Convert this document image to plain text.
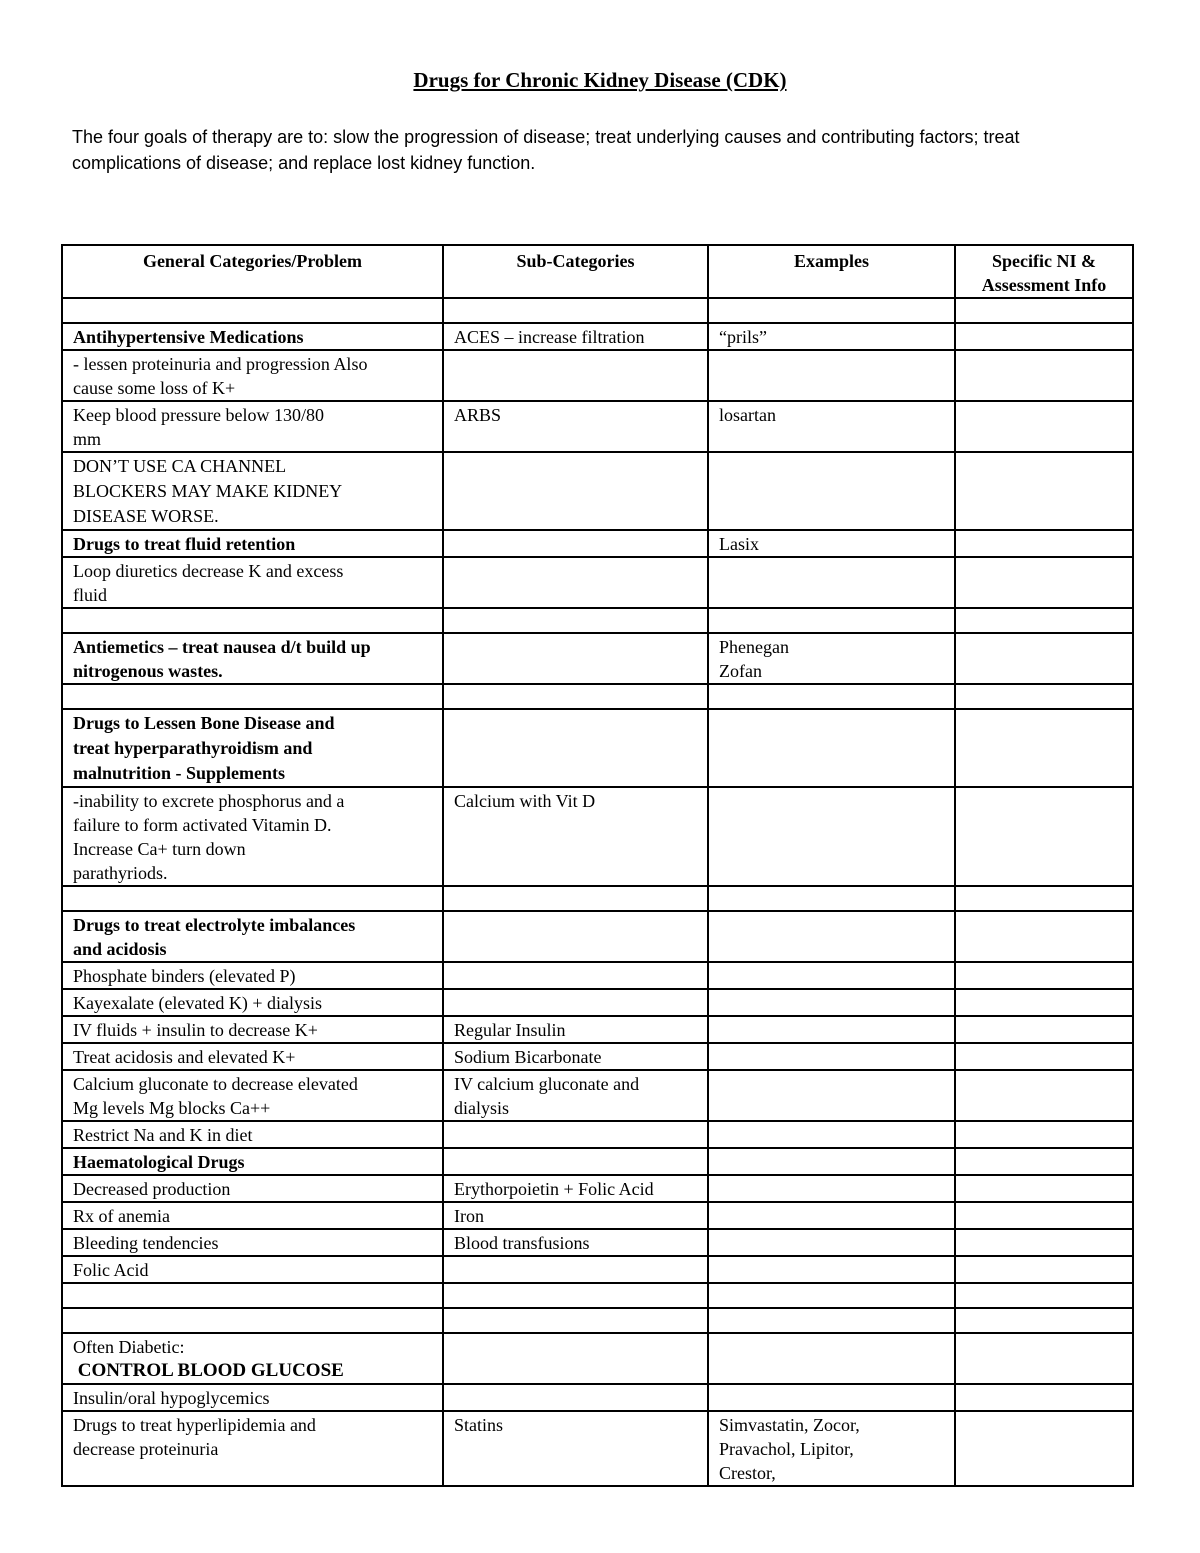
Drugs for Chronic Kidney Disease (CDK)
The four goals of therapy are to: slow the progression of disease; treat underlying causes and contributing factors; treat
complications of disease; and replace lost kidney function.
General Categories/Problem	Sub-Categories	Examples	Specific NI &
Assessment Info

Antihypertensive Medications	ACES – increase filtration	“prils”	

- lessen proteinuria and progression Also
cause some loss of K+			

Keep blood pressure below 130/80
mm	ARBS	losartan	

DON’T USE CA CHANNEL
BLOCKERS MAY MAKE KIDNEY
DISEASE WORSE.			

Drugs to treat fluid retention		Lasix	

Loop diuretics decrease K and excess
fluid			

Antiemetics – treat nausea d/t build up
nitrogenous wastes.		Phenegan
Zofan	

Drugs to Lessen Bone Disease and
treat hyperparathyroidism and
malnutrition - Supplements			

-inability to excrete phosphorus and a
failure to form activated Vitamin D.
Increase Ca+ turn down
parathyriods.	Calcium with Vit D		

Drugs to treat electrolyte imbalances
and acidosis			

Phosphate binders (elevated P)			
Kayexalate (elevated K) + dialysis			
IV fluids + insulin to decrease K+	Regular Insulin		
Treat acidosis and elevated K+	Sodium Bicarbonate		

Calcium gluconate to decrease elevated
Mg levels Mg blocks Ca++	IV calcium gluconate and
dialysis		

Restrict Na and K in diet			
Haematological Drugs			
Decreased production	Erythorpoietin + Folic Acid		
Rx of anemia	Iron		
Bleeding tendencies	Blood transfusions		
Folic Acid			

Often Diabetic:
CONTROL BLOOD GLUCOSE			

Insulin/oral hypoglycemics			

Drugs to treat hyperlipidemia and
decrease proteinuria	Statins	Simvastatin, Zocor,
Pravachol, Lipitor,
Crestor,	
